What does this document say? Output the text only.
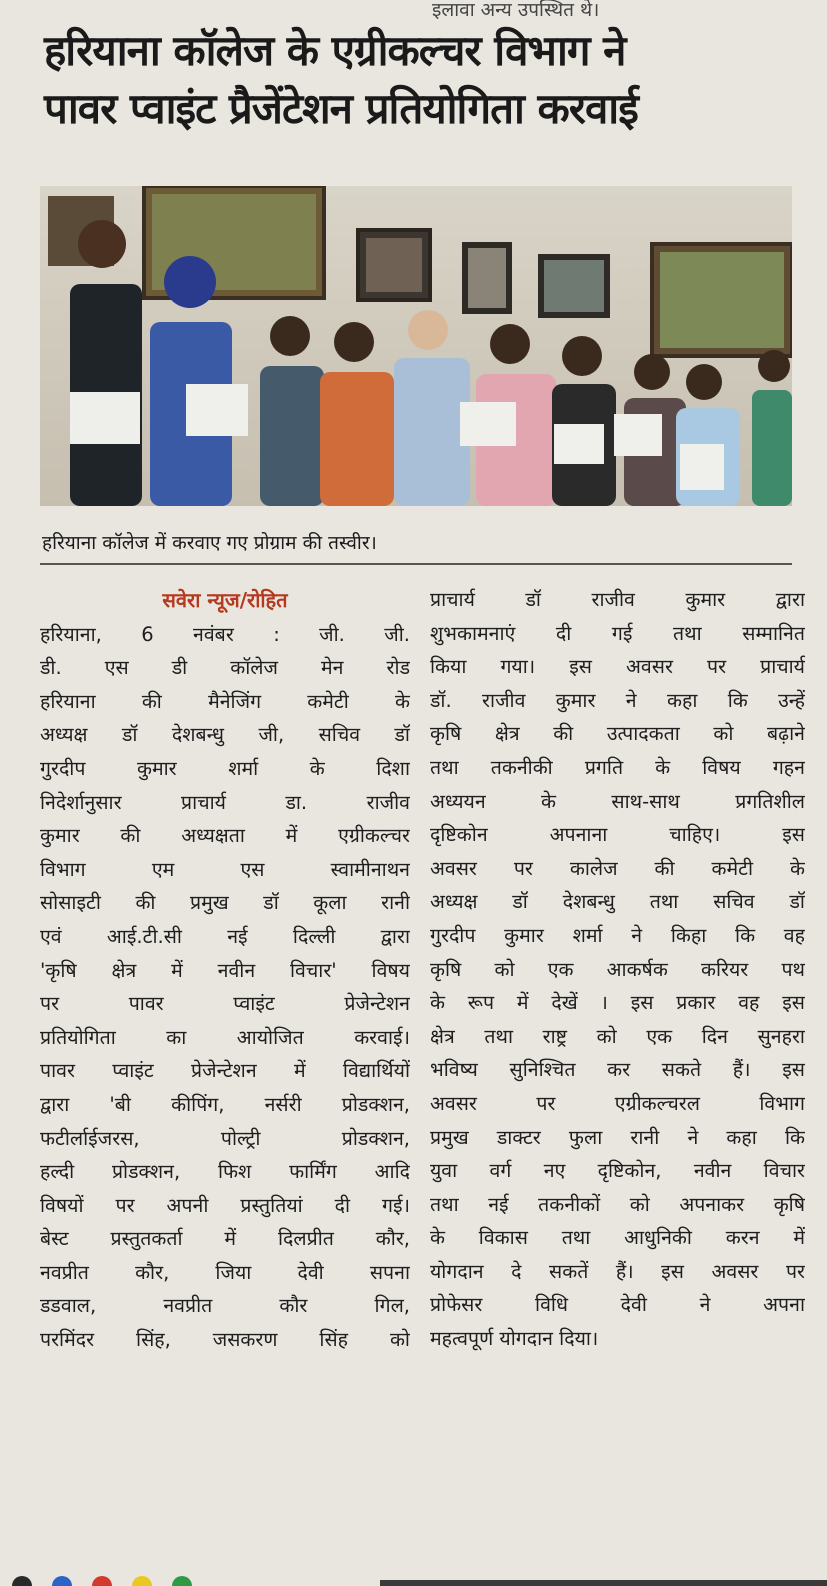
इलावा अन्य उपस्थित थे।
हरियाना कॉलेज के एग्रीकल्चर विभाग ने
पावर प्वाइंट प्रैजेंटेशन प्रतियोगिता करवाई
हरियाना कॉलेज में करवाए गए प्रोग्राम की तस्वीर।
सवेरा न्यूज/रोहित
हरियाना, 6 नवंबर : जी. जी.
डी. एस डी कॉलेज मेन रोड
हरियाना की मैनेजिंग कमेटी के
अध्यक्ष डॉ देशबन्धु जी, सचिव डॉ
गुरदीप कुमार शर्मा के दिशा
निदेर्शानुसार प्राचार्य डा. राजीव
कुमार की अध्यक्षता में एग्रीकल्चर
विभाग एम एस स्वामीनाथन
सोसाइटी की प्रमुख डॉ कूला रानी
एवं आई.टी.सी नई दिल्ली द्वारा
'कृषि क्षेत्र में नवीन विचार' विषय
पर पावर प्वाइंट प्रेजेन्टेशन
प्रतियोगिता का आयोजित करवाई।
पावर प्वाइंट प्रेजेन्टेशन में विद्यार्थियों
द्वारा 'बी कीपिंग, नर्सरी प्रोडक्शन,
फटीर्लाईजरस, पोल्ट्री प्रोडक्शन,
हल्दी प्रोडक्शन, फिश फार्मिंग आदि
विषयों पर अपनी प्रस्तुतियां दी गई।
बेस्ट प्रस्तुतकर्ता में दिलप्रीत कौर,
नवप्रीत कौर, जिया देवी सपना
डडवाल, नवप्रीत कौर गिल,
परमिंदर सिंह, जसकरण सिंह को
प्राचार्य डॉ राजीव कुमार द्वारा
शुभकामनाएं दी गई तथा सम्मानित
किया गया। इस अवसर पर प्राचार्य
डॉ. राजीव कुमार ने कहा कि उन्हें
कृषि क्षेत्र की उत्पादकता को बढ़ाने
तथा तकनीकी प्रगति के विषय गहन
अध्ययन के साथ-साथ प्रगतिशील
दृष्टिकोन अपनाना चाहिए। इस
अवसर पर कालेज की कमेटी के
अध्यक्ष डॉ देशबन्धु तथा सचिव डॉ
गुरदीप कुमार शर्मा ने किहा कि वह
कृषि को एक आकर्षक करियर पथ
के रूप में देखें । इस प्रकार वह इस
क्षेत्र तथा राष्ट्र को एक दिन सुनहरा
भविष्य सुनिश्चित कर सकते हैं। इस
अवसर पर एग्रीकल्चरल विभाग
प्रमुख डाक्टर फुला रानी ने कहा कि
युवा वर्ग नए दृष्टिकोन, नवीन विचार
तथा नई तकनीकों को अपनाकर कृषि
के विकास तथा आधुनिकी करन में
योगदान दे सकतें हैं। इस अवसर पर
प्रोफेसर विधि देवी ने अपना
महत्वपूर्ण योगदान दिया।
